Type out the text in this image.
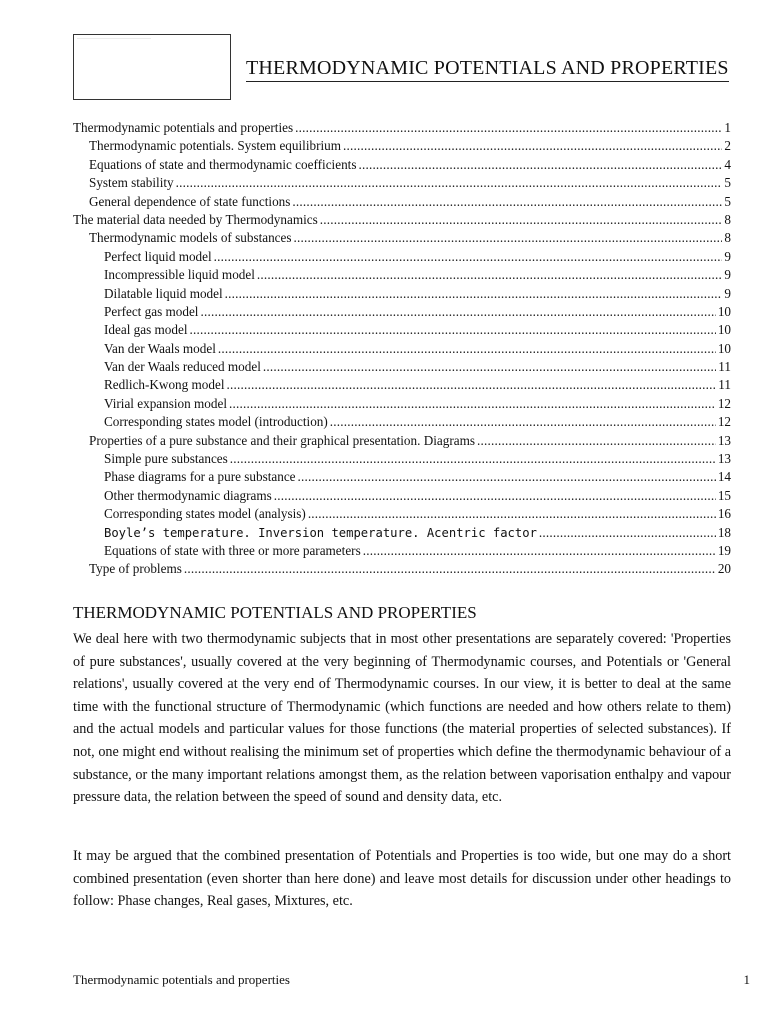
··········································································
THERMODYNAMIC POTENTIALS AND PROPERTIES
Thermodynamic potentials and properties .....	1
Thermodynamic potentials. System equilibrium .....	2
Equations of state and thermodynamic coefficients .....	4
System stability .....	5
General dependence of state functions .....	5
The material data needed by Thermodynamics .....	8
Thermodynamic models of substances .....	8
Perfect liquid model .....	9
Incompressible liquid model .....	9
Dilatable liquid model .....	9
Perfect gas model .....	10
Ideal gas model .....	10
Van der Waals model .....	10
Van der Waals reduced model .....	11
Redlich-Kwong model .....	11
Virial expansion model .....	12
Corresponding states model (introduction) .....	12
Properties of a pure substance and their graphical presentation. Diagrams .....	13
Simple pure substances .....	13
Phase diagrams for a pure substance .....	14
Other thermodynamic diagrams .....	15
Corresponding states model (analysis) .....	16
Boyle’s temperature. Inversion temperature. Acentric factor .....	18
Equations of state with three or more parameters .....	19
Type of problems .....	20
THERMODYNAMIC POTENTIALS AND PROPERTIES

We deal here with two thermodynamic subjects that in most other presentations are separately covered: 'Properties of pure substances', usually covered at the very beginning of Thermodynamic courses, and Potentials or 'General relations', usually covered at the very end of Thermodynamic courses. In our view, it is better to deal at the same time with the functional structure of Thermodynamic (which functions are needed and how others relate to them) and the actual models and particular values for those functions (the material properties of selected substances). If not, one might end without realising the minimum set of properties which define the thermodynamic behaviour of a substance, or the many important relations amongst them, as the relation between vaporisation enthalpy and vapour pressure data, the relation between the speed of sound and density data, etc.

It may be argued that the combined presentation of Potentials and Properties is too wide, but one may do a short combined presentation (even shorter than here done) and leave most details for discussion under other headings to follow: Phase changes, Real gases, Mixtures, etc.

Thermodynamic potentials and properties	1
